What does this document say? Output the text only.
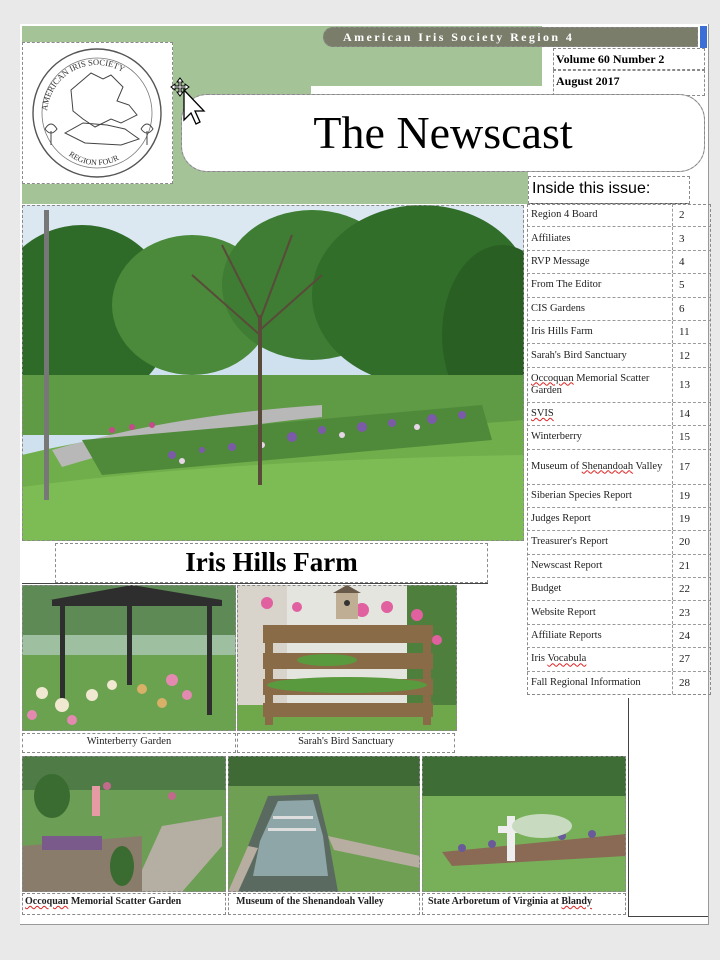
American Iris Society Region 4
Volume 60 Number 2
August 2017
AMERICAN IRIS SOCIETY
REGION FOUR
The Newscast
Inside this issue:
Region 4 Board	2
Affiliates	3
RVP Message	4
From The Editor	5
CIS Gardens	6
Iris Hills Farm	11
Sarah's Bird Sanctuary	12
Occoquan Memorial Scatter Garden	13
SVIS	14
Winterberry	15
Museum of Shenandoah Valley	17
Siberian Species Report	19
Judges Report	19
Treasurer's Report	20
Newscast Report	21
Budget	22
Website Report	23
Affiliate Reports	24
Iris Vocabula	27
Fall Regional Information	28
Iris Hills Farm
Winterberry Garden	Sarah's Bird Sanctuary
Occoquan Memorial Scatter Garden	Museum of the Shenandoah Valley	State Arboretum of Virginia at Blandy
